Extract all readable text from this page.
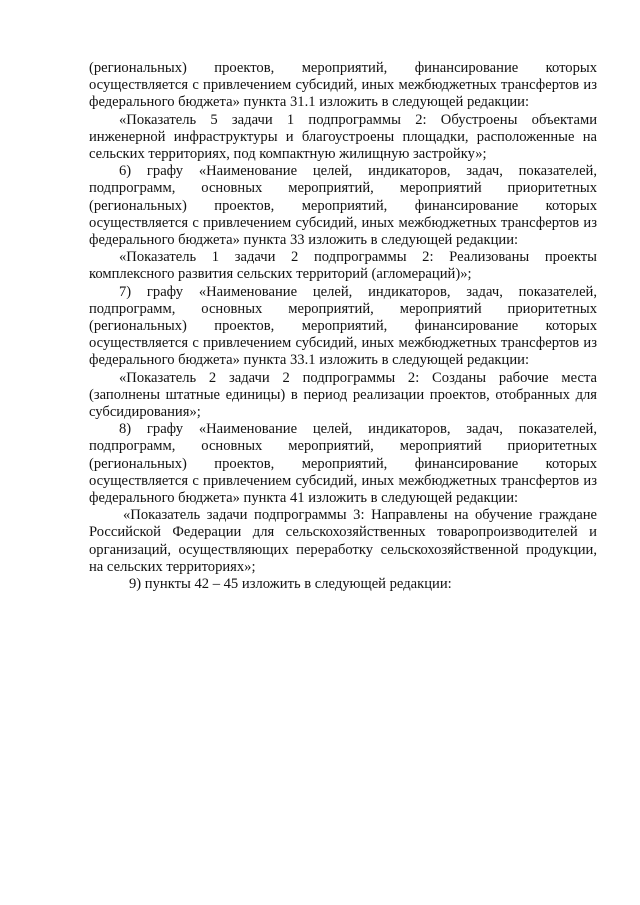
(региональных) проектов, мероприятий, финансирование которых осуществляется с привлечением субсидий, иных межбюджетных трансфертов из федерального бюджета» пункта 31.1 изложить в следующей редакции:

«Показатель 5 задачи 1 подпрограммы 2: Обустроены объектами инженерной инфраструктуры и благоустроены площадки, расположенные на сельских территориях, под компактную жилищную застройку»;

6) графу «Наименование целей, индикаторов, задач, показателей, подпрограмм, основных мероприятий, мероприятий приоритетных (региональных) проектов, мероприятий, финансирование которых осуществляется с привлечением субсидий, иных межбюджетных трансфертов из федерального бюджета» пункта 33 изложить в следующей редакции:

«Показатель 1 задачи 2 подпрограммы 2: Реализованы проекты комплексного развития сельских территорий (агломераций)»;

7) графу «Наименование целей, индикаторов, задач, показателей, подпрограмм, основных мероприятий, мероприятий приоритетных (региональных) проектов, мероприятий, финансирование которых осуществляется с привлечением субсидий, иных межбюджетных трансфертов из федерального бюджета» пункта 33.1 изложить в следующей редакции:

«Показатель 2 задачи 2 подпрограммы 2: Созданы рабочие места (заполнены штатные единицы) в период реализации проектов, отобранных для субсидирования»;

8) графу «Наименование целей, индикаторов, задач, показателей, подпрограмм, основных мероприятий, мероприятий приоритетных (региональных) проектов, мероприятий, финансирование которых осуществляется с привлечением субсидий, иных межбюджетных трансфертов из федерального бюджета» пункта 41 изложить в следующей редакции:

«Показатель задачи подпрограммы 3: Направлены на обучение граждане Российской Федерации для сельскохозяйственных товаропроизводителей и организаций, осуществляющих переработку сельскохозяйственной продукции, на сельских территориях»;

9) пункты 42 – 45 изложить в следующей редакции:
